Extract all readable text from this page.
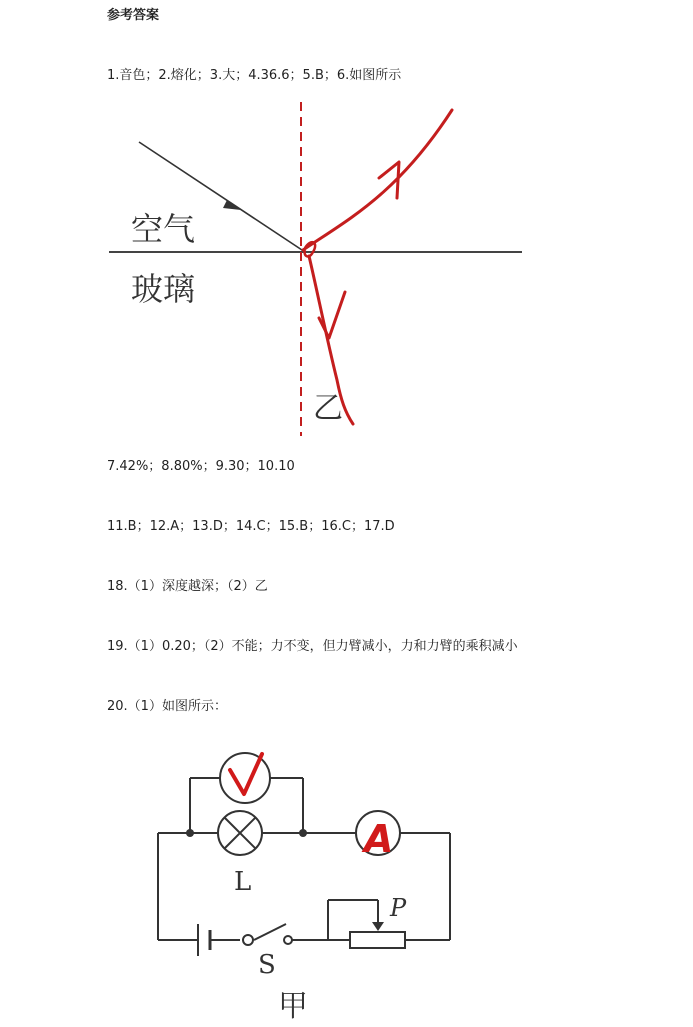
参考答案
1.音色；2.熔化；3.大；4.36.6；5.B；6.如图所示
空气
玻璃
乙
7.42%；8.80%；9.30；10.10
11.B；12.A；13.D；14.C；15.B；16.C；17.D
18.（1）深度越深；（2）乙
19.（1）0.20；（2）不能；力不变，但力臂减小，力和力臂的乘积减小
20.（1）如图所示：
A
L
S
P
甲
